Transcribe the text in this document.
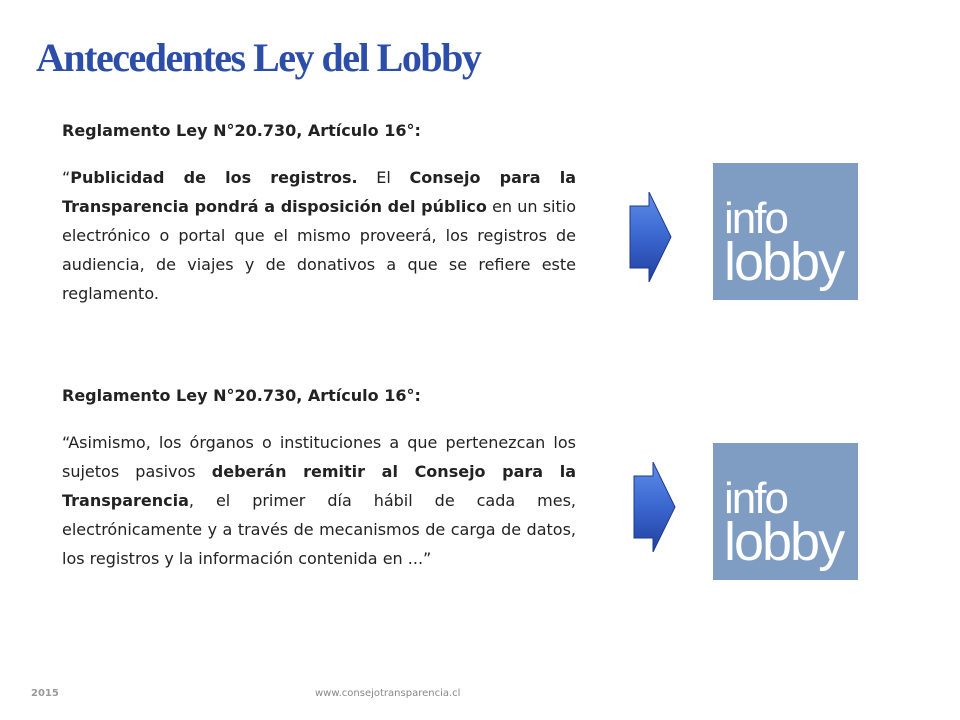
Antecedentes Ley del Lobby

Reglamento Ley N°20.730, Artículo 16°:

“Publicidad de los registros. El Consejo para la Transparencia pondrá a disposición del público en un sitio electrónico o portal que el mismo proveerá, los registros de audiencia, de viajes y de donativos a que se refiere este reglamento.

Reglamento Ley N°20.730, Artículo 16°:

“Asimismo, los órganos o instituciones a que pertenezcan los sujetos pasivos deberán remitir al Consejo para la Transparencia, el primer día hábil de cada mes, electrónicamente y a través de mecanismos de carga de datos, los registros y la información contenida en ...”

info
lobby
info
lobby
2015	www.consejotransparencia.cl
